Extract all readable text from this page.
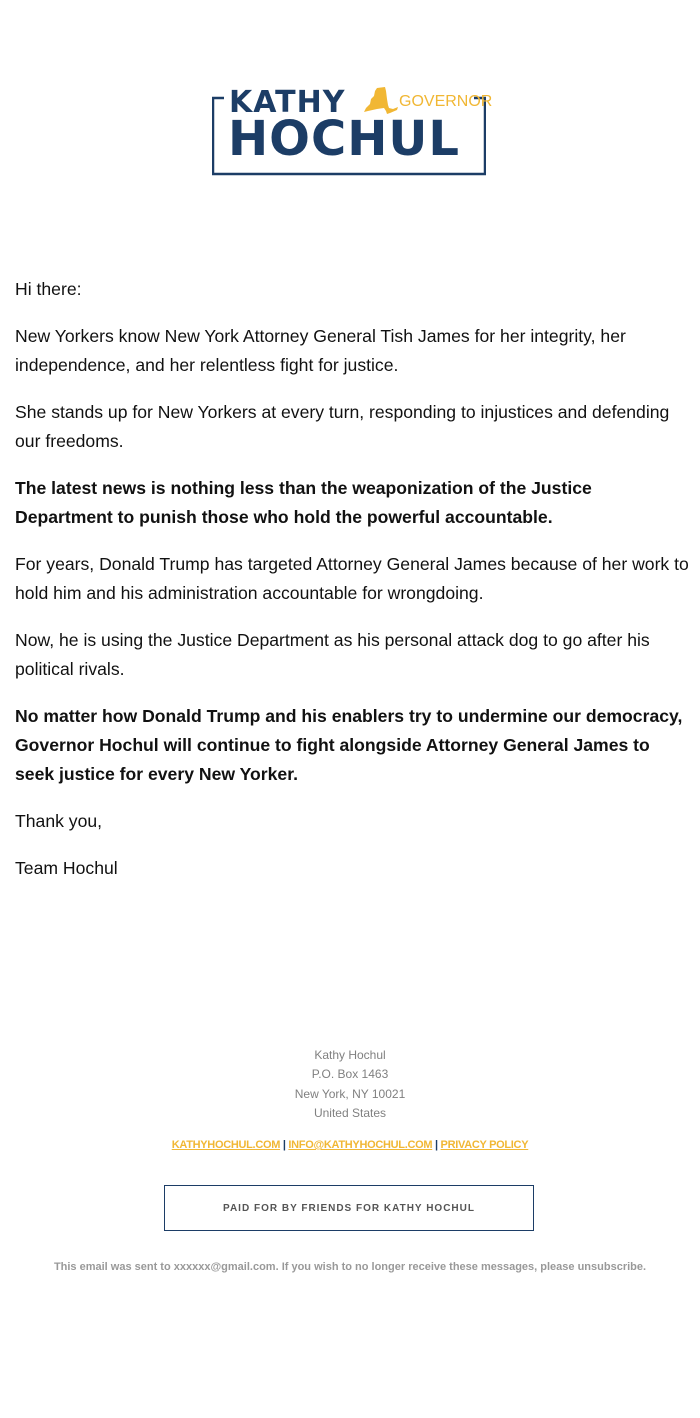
KATHY	GOVERNOR
HOCHUL

Hi there:

New Yorkers know New York Attorney General Tish James for her integrity, her independence, and her relentless fight for justice.

She stands up for New Yorkers at every turn, responding to injustices and defending our freedoms.

The latest news is nothing less than the weaponization of the Justice Department to punish those who hold the powerful accountable.

For years, Donald Trump has targeted Attorney General James because of her work to hold him and his administration accountable for wrongdoing.

Now, he is using the Justice Department as his personal attack dog to go after his political rivals.

No matter how Donald Trump and his enablers try to undermine our democracy, Governor Hochul will continue to fight alongside Attorney General James to seek justice for every New Yorker.

Thank you,

Team Hochul

Kathy Hochul
P.O. Box 1463
New York, NY 10021
United States
KATHYHOCHUL.COM | INFO@KATHYHOCHUL.COM | PRIVACY POLICY
PAID FOR BY FRIENDS FOR KATHY HOCHUL
This email was sent to xxxxxx@gmail.com. If you wish to no longer receive these messages, please unsubscribe.
